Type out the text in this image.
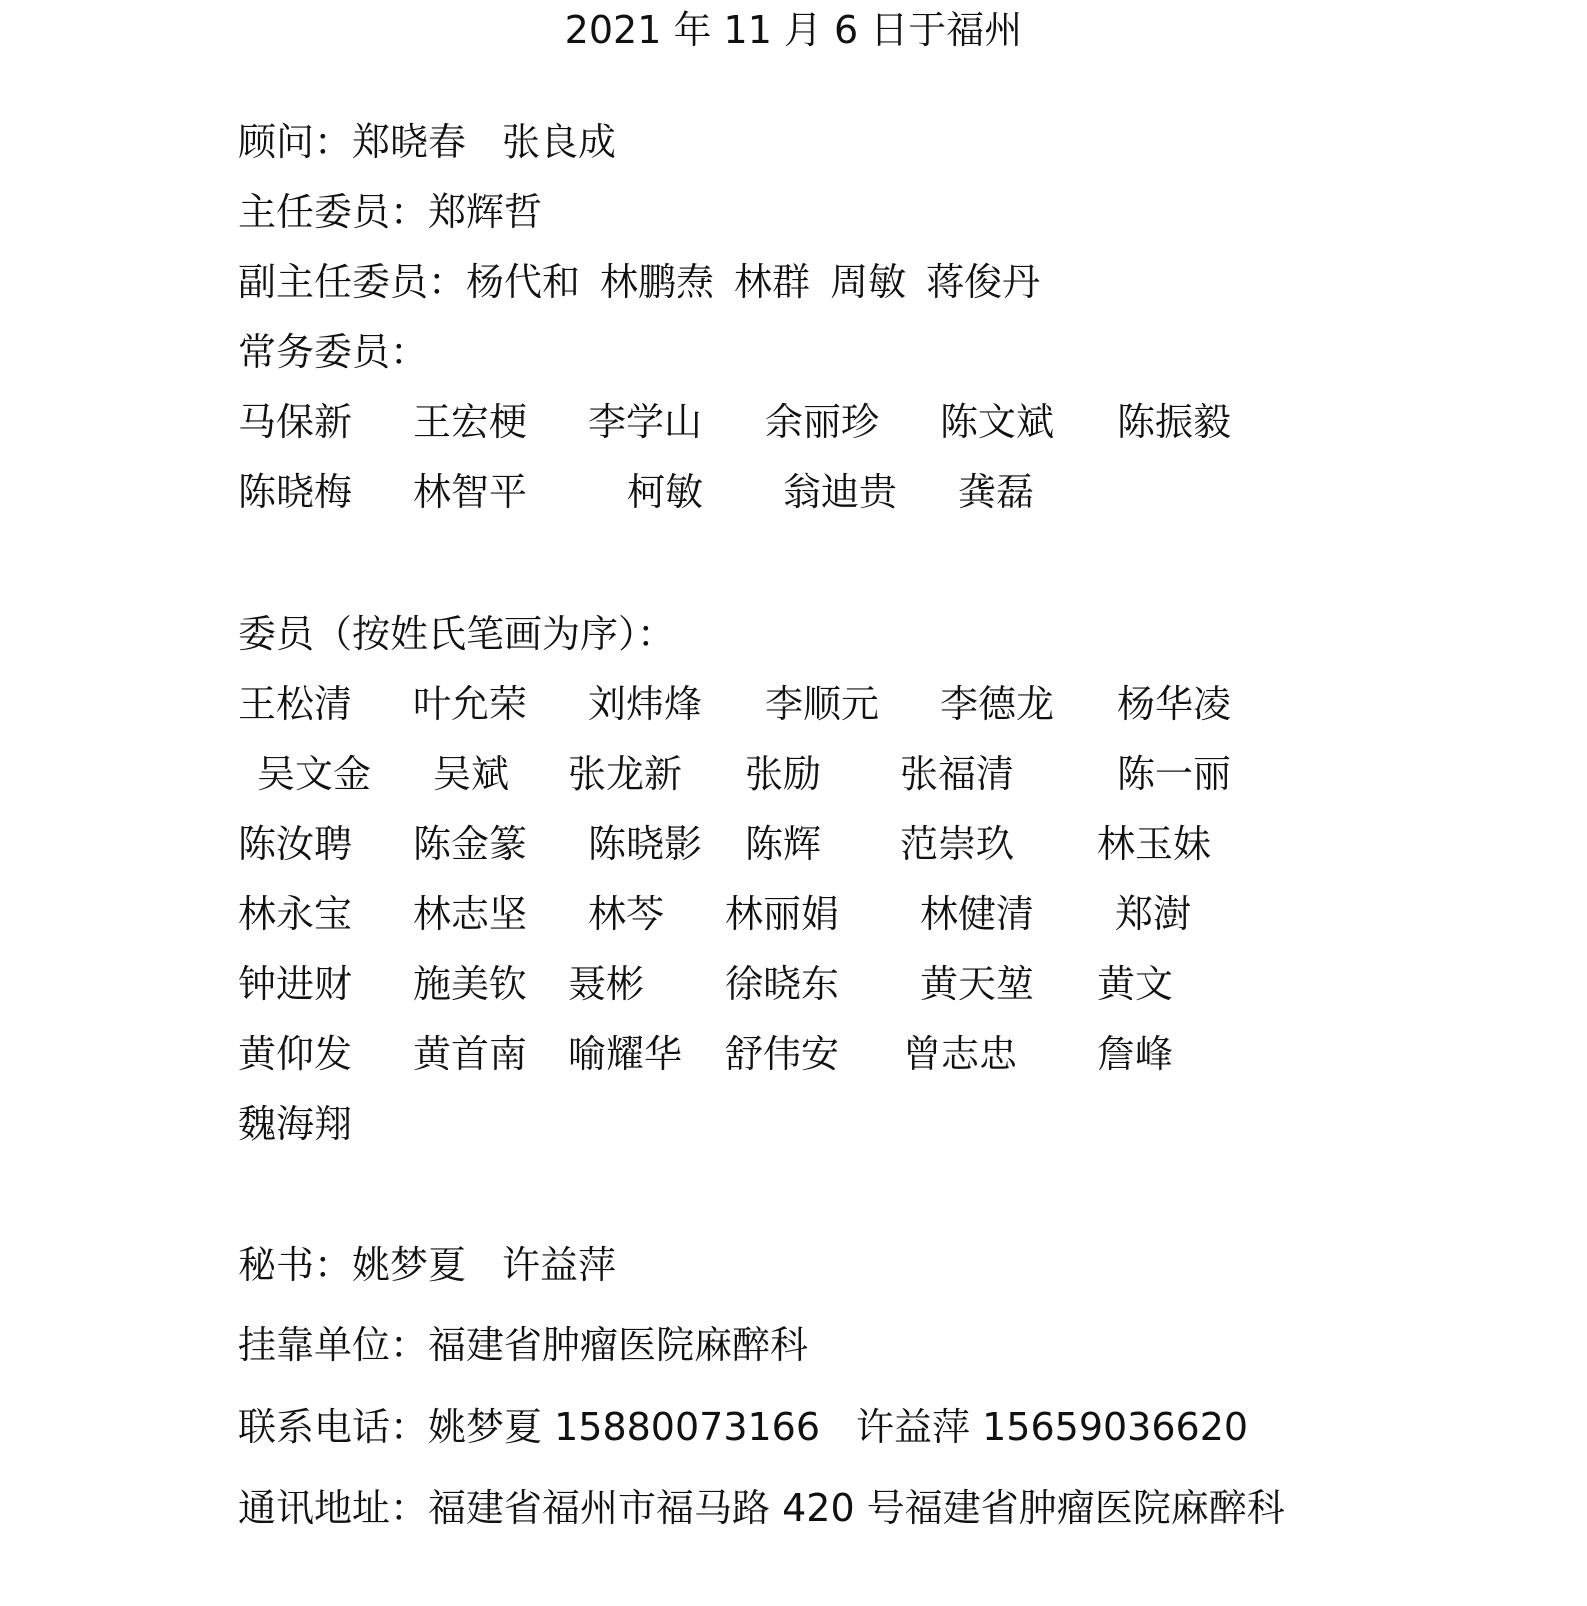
2021 年 11 月 6 日于福州
顾问：郑晓春 张良成
主任委员：郑辉哲
副主任委员：杨代和 林鹏焘 林群 周敏 蒋俊丹
常务委员：
马保新 王宏梗 李学山 余丽珍 陈文斌 陈振毅
陈晓梅 林智平	柯敏 翁迪贵 龚磊
委员（按姓氏笔画为序）：
王松清 叶允荣 刘炜烽 李顺元 李德龙 杨华凌
吴文金 吴斌 张龙新 张励 张福清	陈一丽
陈汝聘 陈金篆 陈晓影 陈辉 范崇玖 林玉妹
林永宝 林志坚 林芩 林丽娟 林健清 郑澍
钟进财 施美钦 聂彬 徐晓东 黄天堃 黄文
黄仰发 黄首南 喻耀华 舒伟安 曾志忠 詹峰
魏海翔
秘书：姚梦夏 许益萍
挂靠单位：福建省肿瘤医院麻醉科
联系电话：姚梦夏 15880073166 许益萍 15659036620
通讯地址：福建省福州市福马路 420 号福建省肿瘤医院麻醉科
